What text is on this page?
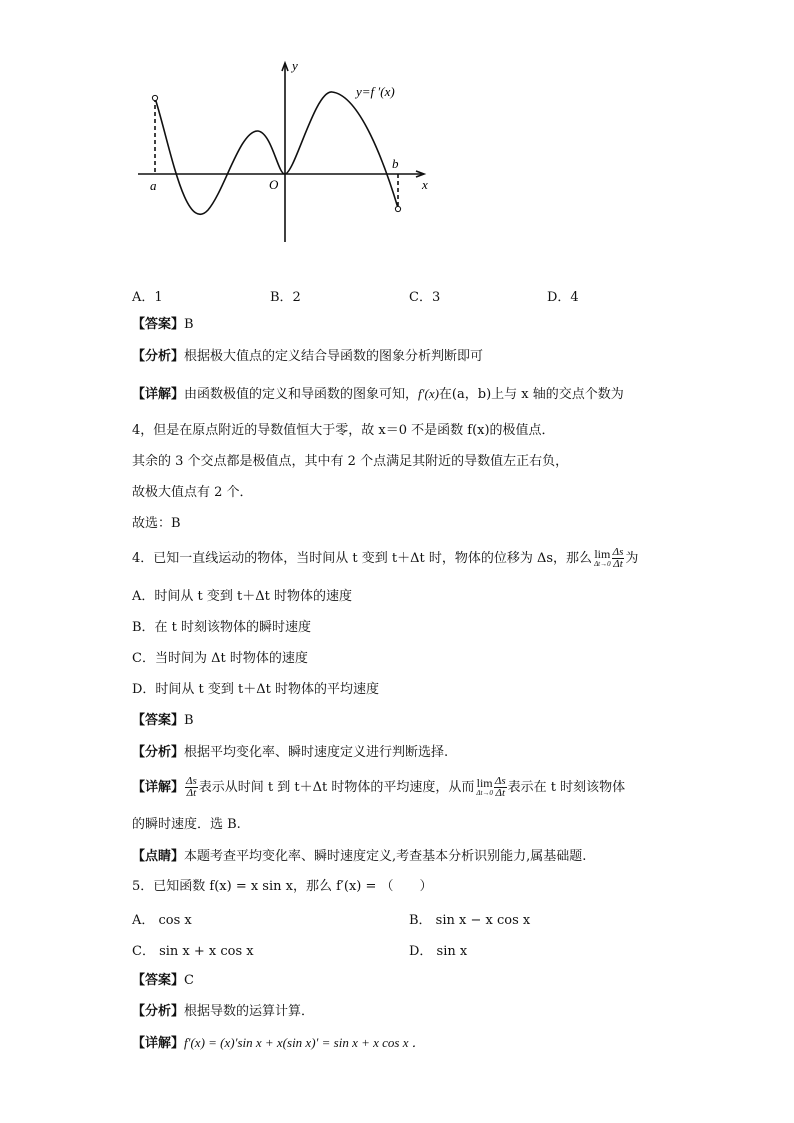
y
x
O
a
b
y=f ′(x)
A．1	B．2	C．3	D．4
【答案】B
【分析】根据极大值点的定义结合导函数的图象分析判断即可
【详解】由函数极值的定义和导函数的图象可知，f′(x)在(a，b)上与 x 轴的交点个数为
4，但是在原点附近的导数值恒大于零，故 x＝0 不是函数 f(x)的极值点．
其余的 3 个交点都是极值点，其中有 2 个点满足其附近的导数值左正右负，
故极大值点有 2 个．
故选：B
4．已知一直线运动的物体，当时间从 t 变到 t＋Δt 时，物体的位移为 Δs，那么 lim
$\Delta t\to 0 \frac{\Delta s}{\Delta t}$ 为
A．时间从 t 变到 t＋Δt 时物体的速度
B．在 t 时刻该物体的瞬时速度
C．当时间为 Δt 时物体的速度
D．时间从 t 变到 t＋Δt 时物体的平均速度
【答案】B
【分析】根据平均变化率、瞬时速度定义进行判断选择.
【详解】 $\frac{\Delta s}{\Delta t}$ 表示从时间 t 到 t＋Δt 时物体的平均速度，从而 lim
$\Delta t\to 0 \frac{\Delta s}{\Delta t}$ 表示在 t 时刻该物体
的瞬时速度．选 B.
【点睛】本题考查平均变化率、瞬时速度定义,考查基本分析识别能力,属基础题.
5．已知函数 f(x) = x sin x，那么 f′(x) = （　　）
A． cos x	B． sin x − x cos x
C． sin x + x cos x	D． sin x
【答案】C
【分析】根据导数的运算计算．
【详解】f′(x) = (x)′sin x + x(sin x)′ = sin x + x cos x ．
